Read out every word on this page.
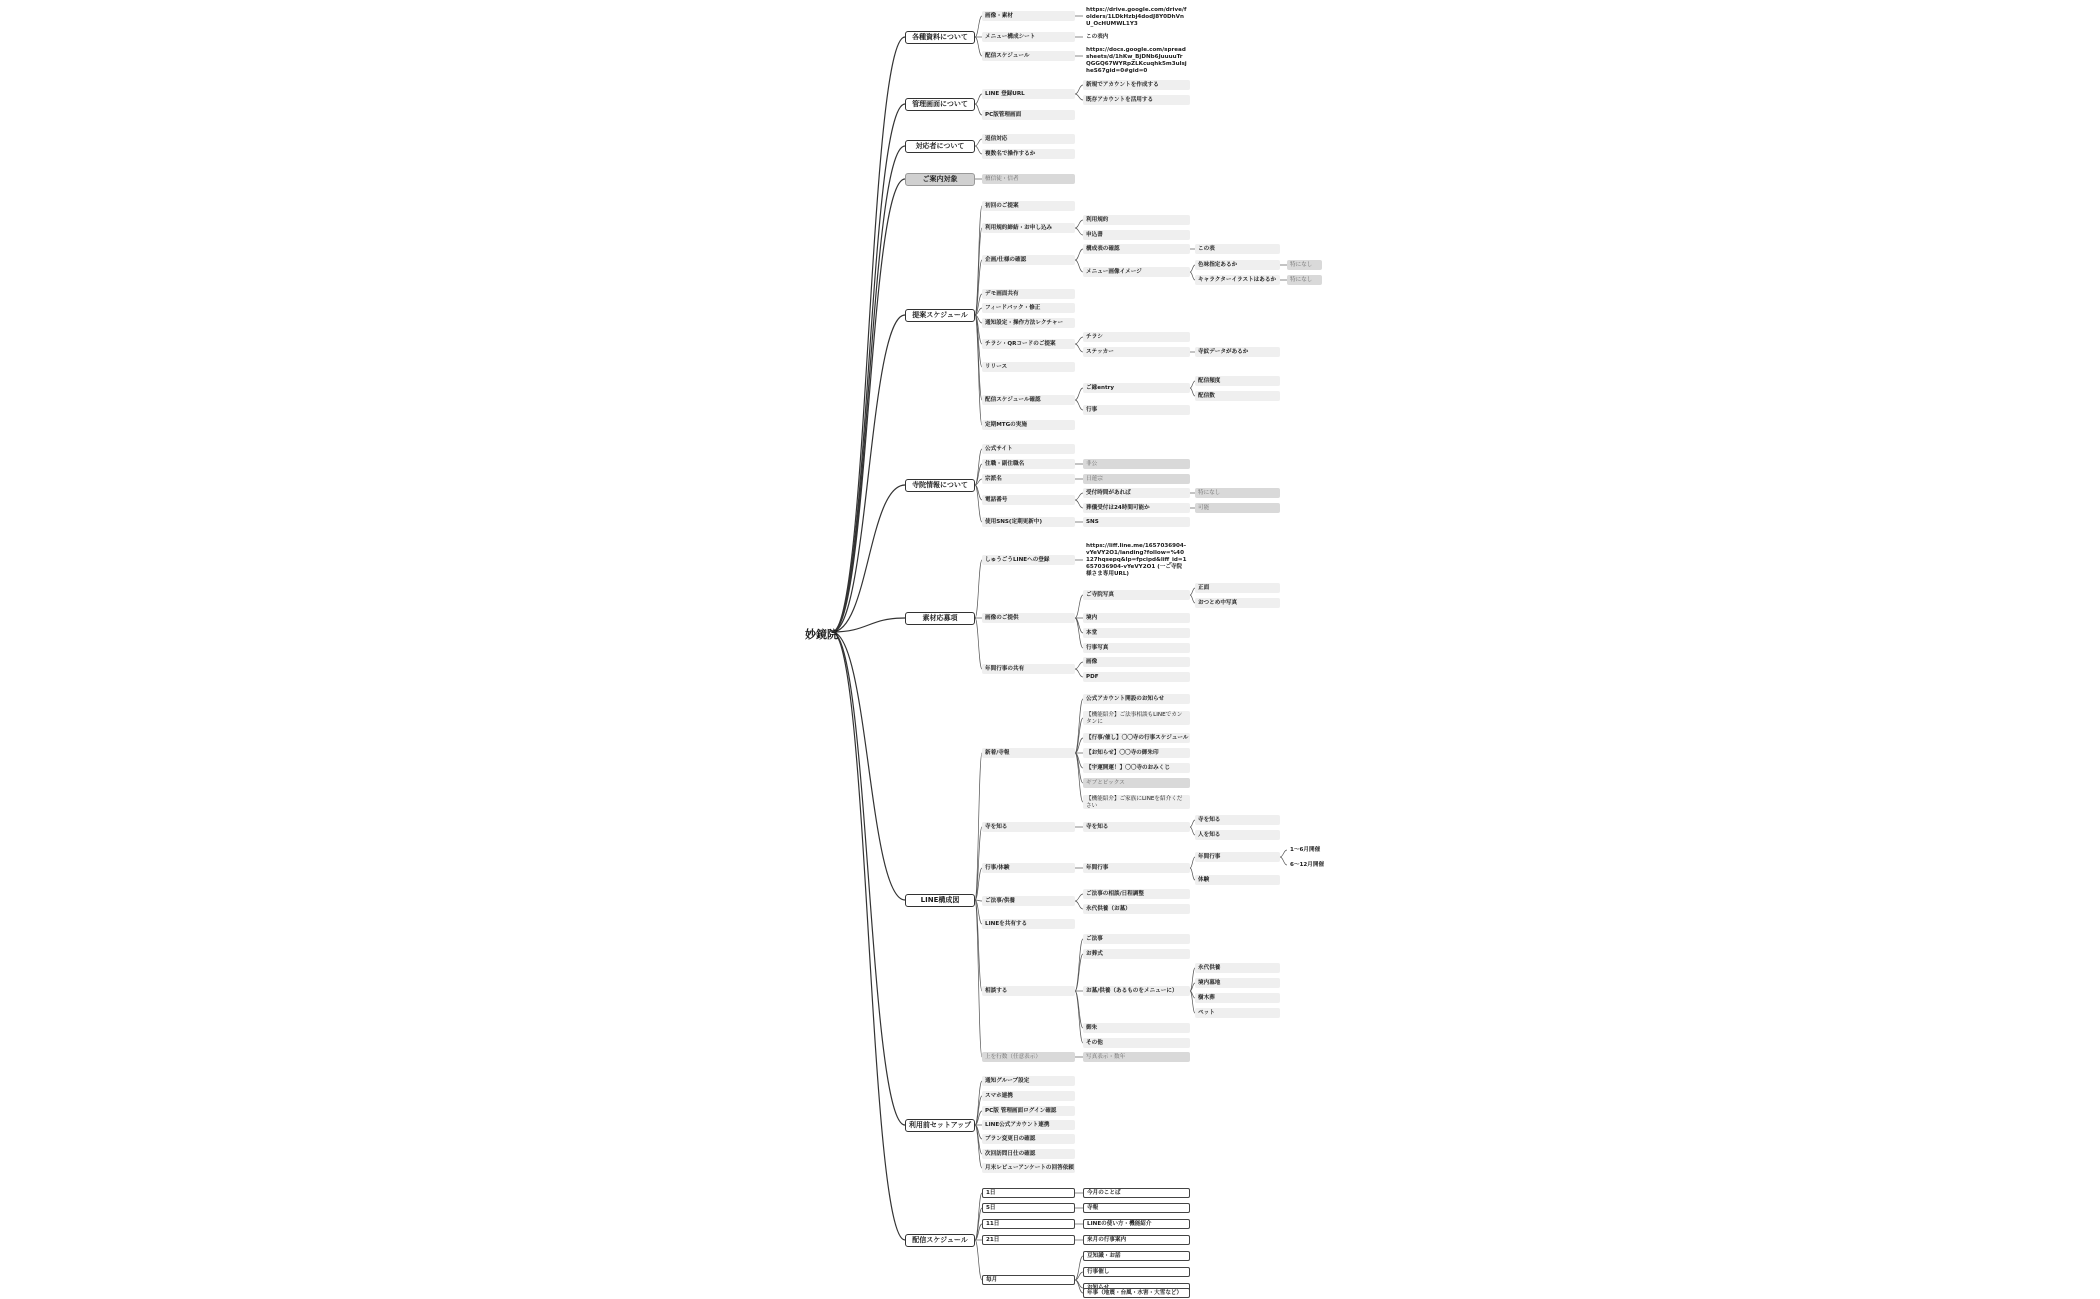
妙鏡院
各種資料について
画像・素材
https://drive.google.com/drive/folders/1LDkHzbj4dodJ8Y0DhVnU_OcHUMWL1Y3
メニュー構成シート	この表内
配信スケジュール
https://docs.google.com/spreadsheets/d/1hKw_BjDNb6JuuuuTrQGGQ67WYRpZLKcuqhk5m3ulsjheS67gid=0#gid=0
管理画面について
LINE 登録URL
新規でアカウントを作成する
既存アカウントを活用する
PC版管理画面
対応者について
返信対応
複数名で操作するか
ご案内対象	檀信徒・信者
提案スケジュール
初回のご提案
利用規約締結・お申し込み
利用規約
申込書
企画/仕様の確認
構成表の確認	この表
メニュー画像イメージ
色味指定あるか	特になし
キャラクターイラストはあるか	特になし
デモ画面共有
フィードバック・修正
通知設定・操作方法レクチャー
チラシ・QRコードのご提案
チラシ
ステッカー	寺紋データがあるか
リリース
配信スケジュール確認
ご縁entry
配信頻度
配信数
行事
定期MTGの実施
寺院情報について
公式サイト
住職・副住職名	非公
宗派名	日蓮宗
電話番号
受付時間があれば	特になし
葬儀受付は24時間可能か	可能
使用SNS(定期更新中)	SNS
素材応募項
しゅうごうLINEへの登録
https://liff.line.me/1657036904-vYeVY2O1/landing?follow=%40127hqsepq&lp=fpcipd&liff_id=1657036904-vYeVY2O1 (一ご寺院様さま専用URL)
画像のご提供
ご寺院写真
正面
おつとめ中写真
境内
本堂
行事写真
年間行事の共有
画像
PDF
LINE構成図
新着/寺報
公式アカウント開設のお知らせ
【機能紹介】ご法事相談もLINEでカンタンに
【行事/催し】〇〇寺の行事スケジュール
【お知らせ】〇〇寺の御朱印
【宇運開運！】〇〇寺のおみくじ
ギブとピックス
【機能紹介】ご家族にLINEを紹介ください
寺を知る	寺を知る
寺を知る
人を知る
行事/体験	年間行事
年間行事
1〜6月開催
6〜12月開催
体験
ご法事/供養
ご法事の相談/日程調整
永代供養（お墓）
LINEを共有する
相談する
ご法事
お葬式
お墓/供養（あるものをメニューに）
永代供養
境内墓地
樹木葬
ペット
御朱
その他
上を行数（任意表示）	写真表示・数年
利用前セットアップ
通知グループ設定
スマホ連携
PC版 管理画面ログイン確認
LINE公式アカウント連携
プラン変更日の確認
次回訪問日仕の確認
月末レビューアンケートの回答依頼
配信スケジュール
1日	今月のことば
5日	寺報
11日	LINEの使い方・機能紹介
21日	来月の行事案内
毎月
豆知識・お話
行事催し
年事（地震・台風・水害・大雪など）
